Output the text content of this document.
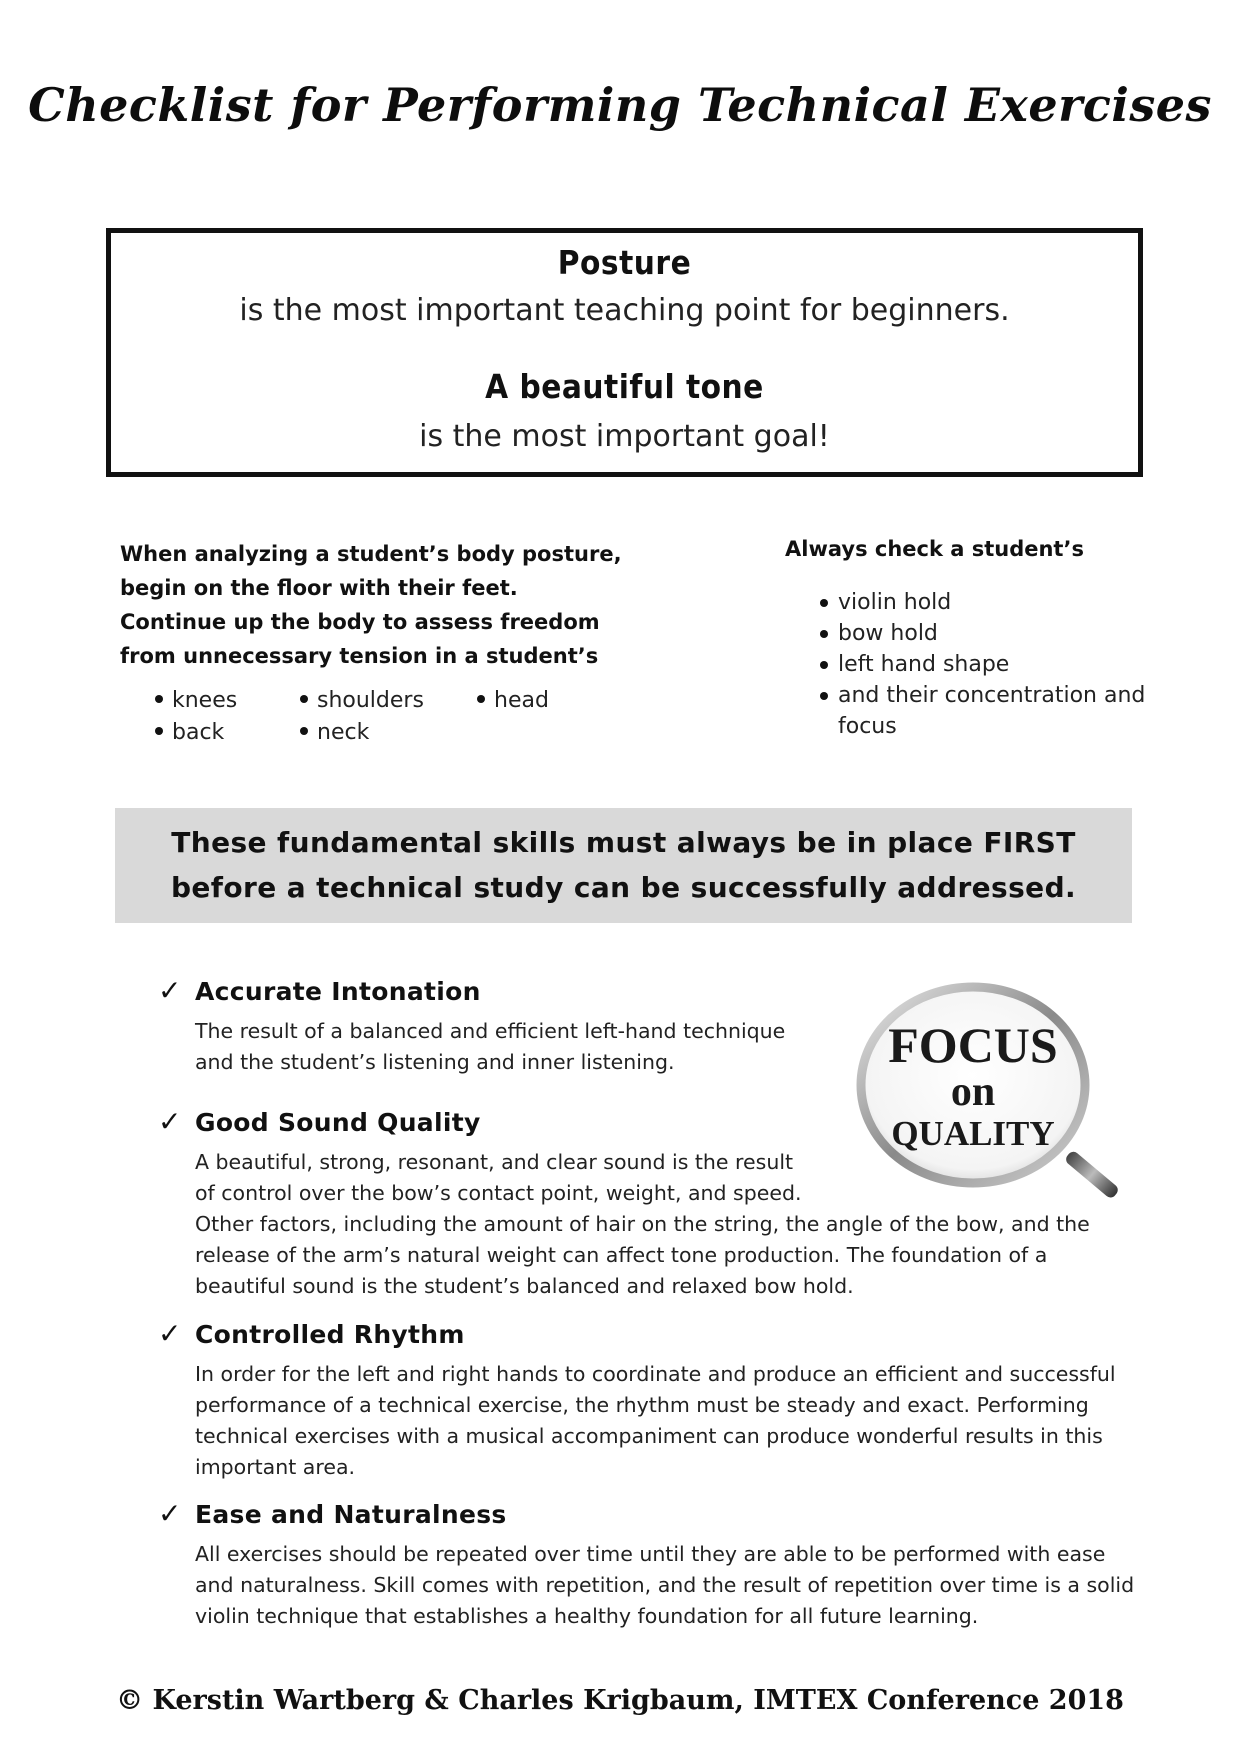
Checklist for Performing Technical Exercises
Posture
is the most important teaching point for beginners.
A beautiful tone
is the most important goal!
When analyzing a student’s body posture,
begin on the floor with their feet.
Continue up the body to assess freedom
from unnecessary tension in a student’s
knees	shoulders	head
back	neck
Always check a student’s
violin hold
bow hold
left hand shape
and their concentration and focus
These fundamental skills must always be in place FIRST
before a technical study can be successfully addressed.
✓ Accurate Intonation
The result of a balanced and efficient left-hand technique
and the student’s listening and inner listening.
✓ Good Sound Quality
A beautiful, strong, resonant, and clear sound is the result
of control over the bow’s contact point, weight, and speed.
Other factors, including the amount of hair on the string, the angle of the bow, and the
release of the arm’s natural weight can affect tone production. The foundation of a
beautiful sound is the student’s balanced and relaxed bow hold.
✓ Controlled Rhythm
In order for the left and right hands to coordinate and produce an efficient and successful
performance of a technical exercise, the rhythm must be steady and exact. Performing
technical exercises with a musical accompaniment can produce wonderful results in this
important area.
✓ Ease and Naturalness
All exercises should be repeated over time until they are able to be performed with ease
and naturalness. Skill comes with repetition, and the result of repetition over time is a solid
violin technique that establishes a healthy foundation for all future learning.
FOCUS
on
QUALITY
© Kerstin Wartberg & Charles Krigbaum, IMTEX Conference 2018
